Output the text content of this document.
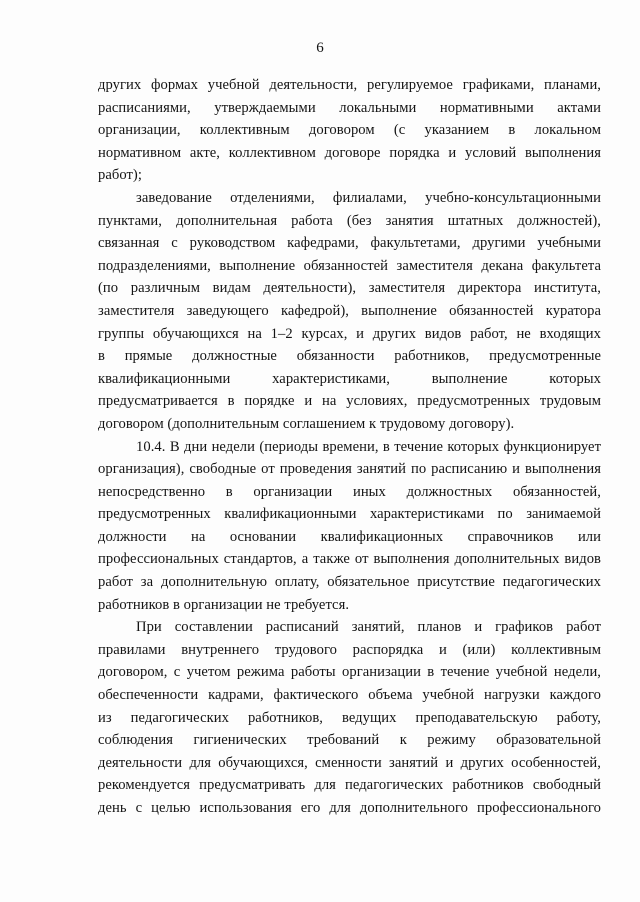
6

других формах учебной деятельности, регулируемое графиками, планами,

расписаниями, утверждаемыми локальными нормативными актами

организации, коллективным договором (с указанием в локальном

нормативном акте, коллективном договоре порядка и условий выполнения

работ);

заведование отделениями, филиалами, учебно-консультационными

пунктами, дополнительная работа (без занятия штатных должностей),

связанная с руководством кафедрами, факультетами, другими учебными

подразделениями, выполнение обязанностей заместителя декана факультета

(по различным видам деятельности), заместителя директора института,

заместителя заведующего кафедрой), выполнение обязанностей куратора

группы обучающихся на 1–2 курсах, и других видов работ, не входящих

в прямые должностные обязанности работников, предусмотренные

квалификационными характеристиками, выполнение которых

предусматривается в порядке и на условиях, предусмотренных трудовым

договором (дополнительным соглашением к трудовому договору).

10.4. В дни недели (периоды времени, в течение которых функционирует

организация), свободные от проведения занятий по расписанию и выполнения

непосредственно в организации иных должностных обязанностей,

предусмотренных квалификационными характеристиками по занимаемой

должности на основании квалификационных справочников или

профессиональных стандартов, а также от выполнения дополнительных видов

работ за дополнительную оплату, обязательное присутствие педагогических

работников в организации не требуется.

При составлении расписаний занятий, планов и графиков работ

правилами внутреннего трудового распорядка и (или) коллективным

договором, с учетом режима работы организации в течение учебной недели,

обеспеченности кадрами, фактического объема учебной нагрузки каждого

из педагогических работников, ведущих преподавательскую работу,

соблюдения гигиенических требований к режиму образовательной

деятельности для обучающихся, сменности занятий и других особенностей,

рекомендуется предусматривать для педагогических работников свободный

день с целью использования его для дополнительного профессионального
